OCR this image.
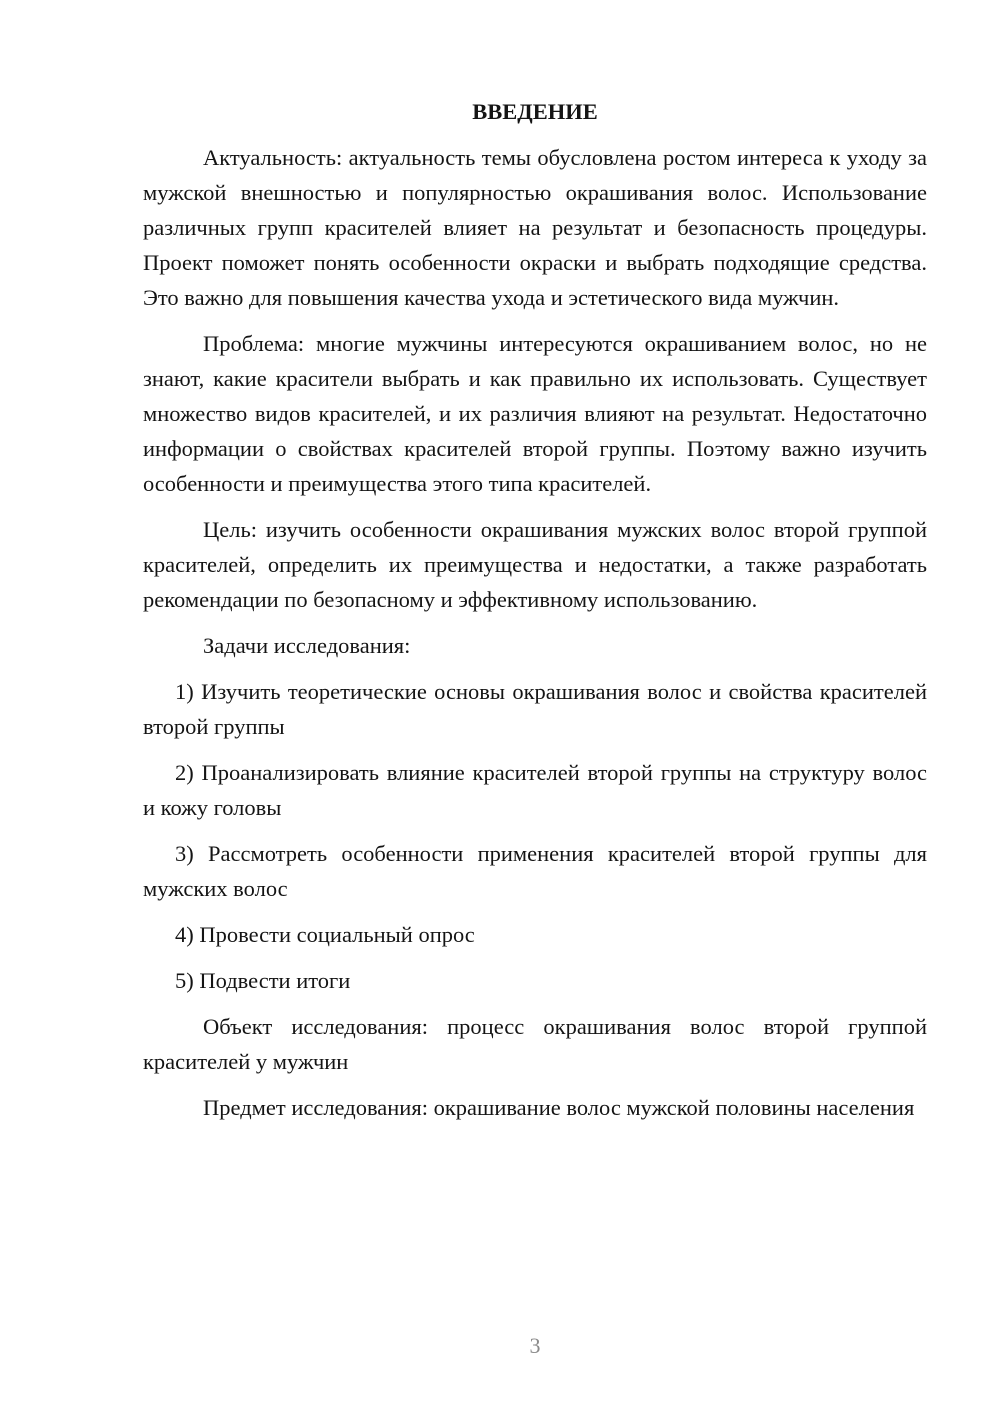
ВВЕДЕНИЕ

Актуальность: актуальность темы обусловлена ростом интереса к уходу за мужской внешностью и популярностью окрашивания волос. Использование различных групп красителей влияет на результат и безопасность процедуры. Проект поможет понять особенности окраски и выбрать подходящие средства. Это важно для повышения качества ухода и эстетического вида мужчин.

Проблема: многие мужчины интересуются окрашиванием волос, но не знают, какие красители выбрать и как правильно их использовать. Существует множество видов красителей, и их различия влияют на результат. Недостаточно информации о свойствах красителей второй группы. Поэтому важно изучить особенности и преимущества этого типа красителей.

Цель: изучить особенности окрашивания мужских волос второй группой красителей, определить их преимущества и недостатки, а также разработать рекомендации по безопасному и эффективному использованию.

Задачи исследования:

1) Изучить теоретические основы окрашивания волос и свойства красителей второй группы
2) Проанализировать влияние красителей второй группы на структуру волос и кожу головы
3) Рассмотреть особенности применения красителей второй группы для мужских волос
4) Провести социальный опрос
5) Подвести итоги

Объект исследования: процесс окрашивания волос второй группой красителей у мужчин

Предмет исследования: окрашивание волос мужской половины населения

3
